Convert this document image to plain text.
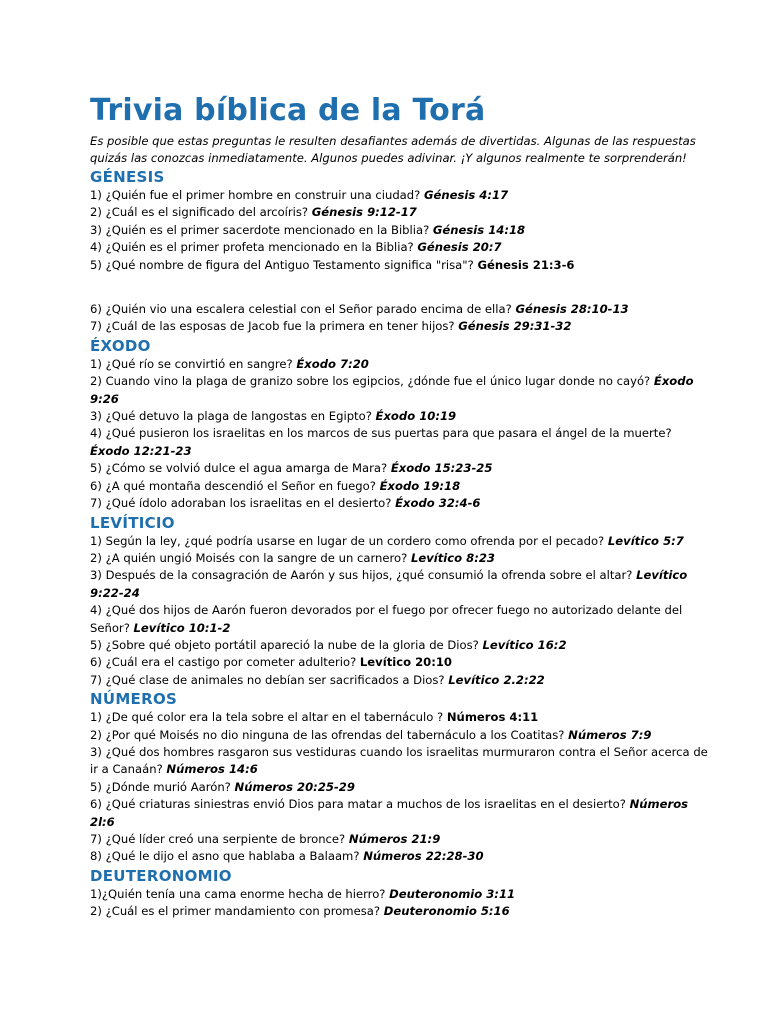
Trivia bíblica de la Torá

Es posible que estas preguntas le resulten desafiantes además de divertidas. Algunas de las respuestas quizás las conozcas inmediatamente. Algunos puedes adivinar. ¡Y algunos realmente te sorprenderán!

GÉNESIS
1) ¿Quién fue el primer hombre en construir una ciudad? Génesis 4:17
2) ¿Cuál es el significado del arcoíris? Génesis 9:12-17
3) ¿Quién es el primer sacerdote mencionado en la Biblia? Génesis 14:18
4) ¿Quién es el primer profeta mencionado en la Biblia? Génesis 20:7
5) ¿Qué nombre de figura del Antiguo Testamento significa "risa"? Génesis 21:3-6
6) ¿Quién vio una escalera celestial con el Señor parado encima de ella? Génesis 28:10-13
7) ¿Cuál de las esposas de Jacob fue la primera en tener hijos? Génesis 29:31-32
ÉXODO
1) ¿Qué río se convirtió en sangre? Éxodo 7:20
2) Cuando vino la plaga de granizo sobre los egipcios, ¿dónde fue el único lugar donde no cayó? Éxodo 9:26
3) ¿Qué detuvo la plaga de langostas en Egipto? Éxodo 10:19
4) ¿Qué pusieron los israelitas en los marcos de sus puertas para que pasara el ángel de la muerte? Éxodo 12:21-23
5) ¿Cómo se volvió dulce el agua amarga de Mara? Éxodo 15:23-25
6) ¿A qué montaña descendió el Señor en fuego? Éxodo 19:18
7) ¿Qué ídolo adoraban los israelitas en el desierto? Éxodo 32:4-6
LEVÍTICIO
1) Según la ley, ¿qué podría usarse en lugar de un cordero como ofrenda por el pecado? Levítico 5:7
2) ¿A quién ungió Moisés con la sangre de un carnero? Levítico 8:23
3) Después de la consagración de Aarón y sus hijos, ¿qué consumió la ofrenda sobre el altar? Levítico 9:22-24
4) ¿Qué dos hijos de Aarón fueron devorados por el fuego por ofrecer fuego no autorizado delante del Señor? Levítico 10:1-2
5) ¿Sobre qué objeto portátil apareció la nube de la gloria de Dios? Levítico 16:2
6) ¿Cuál era el castigo por cometer adulterio? Levítico 20:10
7) ¿Qué clase de animales no debían ser sacrificados a Dios? Levítico 2.2:22
NÚMEROS
1) ¿De qué color era la tela sobre el altar en el tabernáculo ? Números 4:11
2) ¿Por qué Moisés no dio ninguna de las ofrendas del tabernáculo a los Coatitas? Números 7:9
3) ¿Qué dos hombres rasgaron sus vestiduras cuando los israelitas murmuraron contra el Señor acerca de ir a Canaán? Números 14:6
5) ¿Dónde murió Aarón? Números 20:25-29
6) ¿Qué criaturas siniestras envió Dios para matar a muchos de los israelitas en el desierto? Números 2l:6
7) ¿Qué líder creó una serpiente de bronce? Números 21:9
8) ¿Qué le dijo el asno que hablaba a Balaam? Números 22:28-30
DEUTERONOMIO
1)¿Quién tenía una cama enorme hecha de hierro? Deuteronomio 3:11
2) ¿Cuál es el primer mandamiento con promesa? Deuteronomio 5:16
